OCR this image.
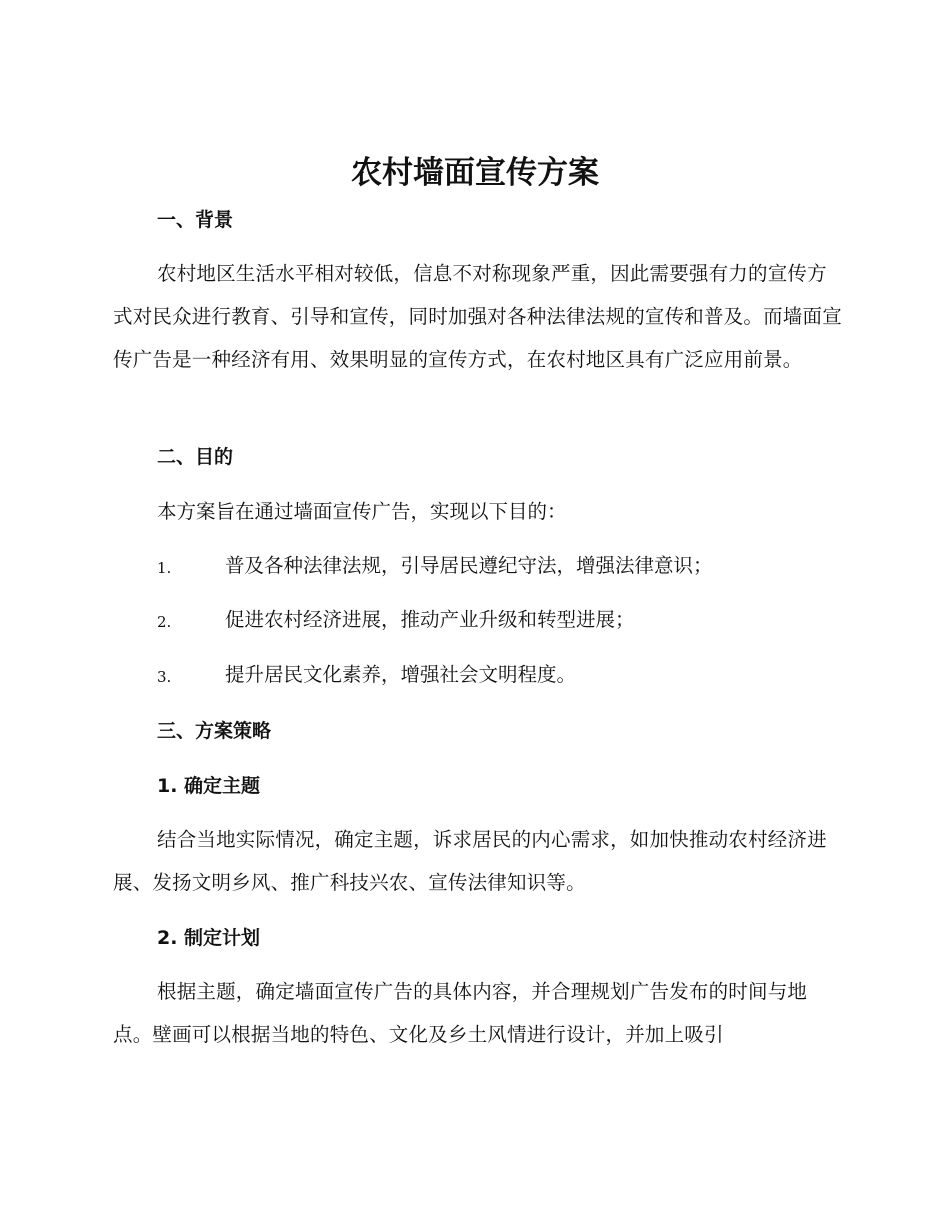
农村墙面宣传方案
一、背景

农村地区生活水平相对较低，信息不对称现象严重，因此需要强有力的宣传方式对民众进行教育、引导和宣传，同时加强对各种法律法规的宣传和普及。而墙面宣传广告是一种经济有用、效果明显的宣传方式，在农村地区具有广泛应用前景。

二、目的

本方案旨在通过墙面宣传广告，实现以下目的：

1.	普及各种法律法规，引导居民遵纪守法，增强法律意识；
2.	促进农村经济进展，推动产业升级和转型进展；
3.	提升居民文化素养，增强社会文明程度。
三、方案策略
1. 确定主题

结合当地实际情况，确定主题，诉求居民的内心需求，如加快推动农村经济进展、发扬文明乡风、推广科技兴农、宣传法律知识等。

2. 制定计划

根据主题，确定墙面宣传广告的具体内容，并合理规划广告发布的时间与地点。壁画可以根据当地的特色、文化及乡土风情进行设计，并加上吸引
